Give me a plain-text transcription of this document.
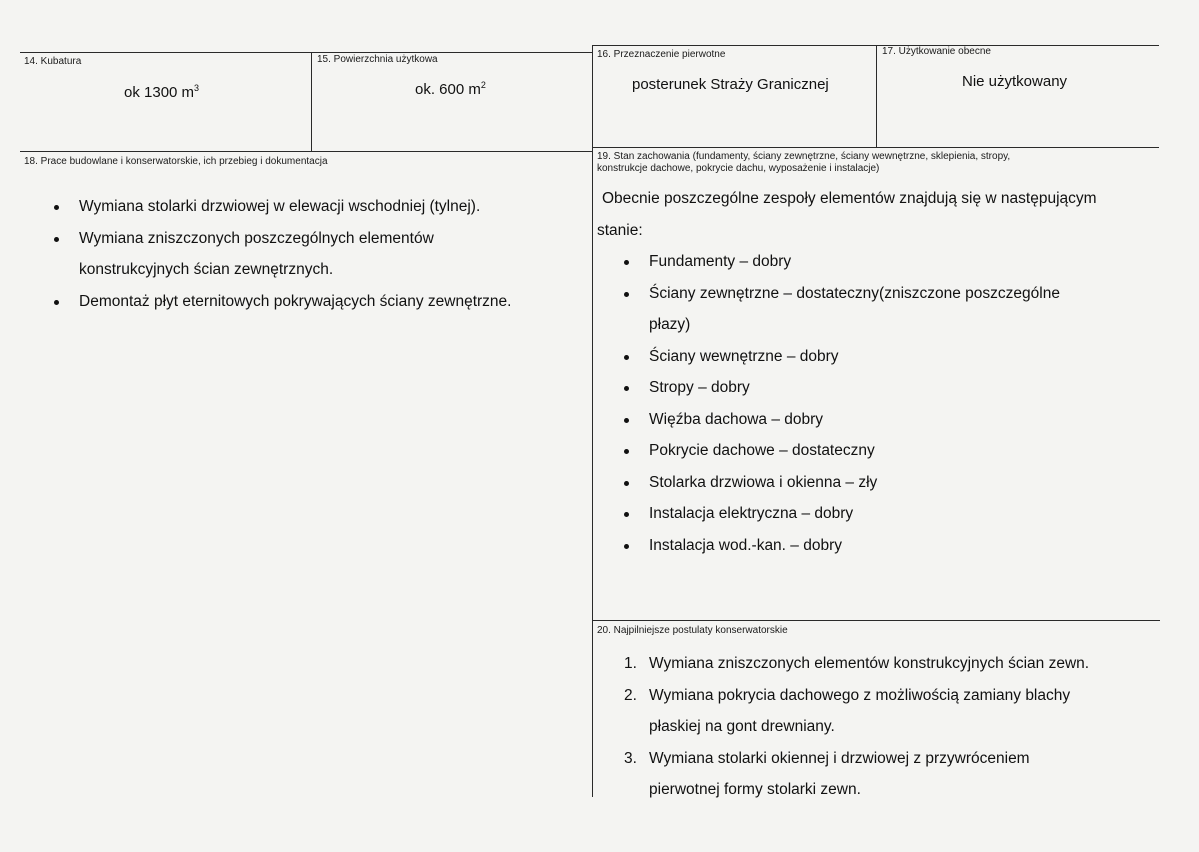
14. Kubatura
ok 1300 $m^3$
15. Powierzchnia użytkowa
ok. 600 $m^2$
16. Przeznaczenie pierwotne
posterunek Straży Granicznej
17. Użytkowanie obecne
Nie użytkowany
18. Prace budowlane i konserwatorskie, ich przebieg i dokumentacja
Wymiana stolarki drzwiowej w elewacji wschodniej (tylnej).
Wymiana zniszczonych poszczególnych elementów
konstrukcyjnych ścian zewnętrznych.
Demontaż płyt eternitowych pokrywających ściany zewnętrzne.
19. Stan zachowania (fundamenty, ściany zewnętrzne, ściany wewnętrzne, sklepienia, stropy,
konstrukcje dachowe, pokrycie dachu, wyposażenie i instalacje)
Obecnie poszczególne zespoły elementów znajdują się w następującym
stanie:
Fundamenty – dobry
Ściany zewnętrzne – dostateczny(zniszczone poszczególne
płazy)
Ściany wewnętrzne – dobry
Stropy – dobry
Więźba dachowa – dobry
Pokrycie dachowe – dostateczny
Stolarka drzwiowa i okienna – zły
Instalacja elektryczna – dobry
Instalacja wod.-kan. – dobry
20. Najpilniejsze postulaty konserwatorskie
1. Wymiana zniszczonych elementów konstrukcyjnych ścian zewn.
2. Wymiana pokrycia dachowego z możliwością zamiany blachy
płaskiej na gont drewniany.
3. Wymiana stolarki okiennej i drzwiowej z przywróceniem
pierwotnej formy stolarki zewn.
